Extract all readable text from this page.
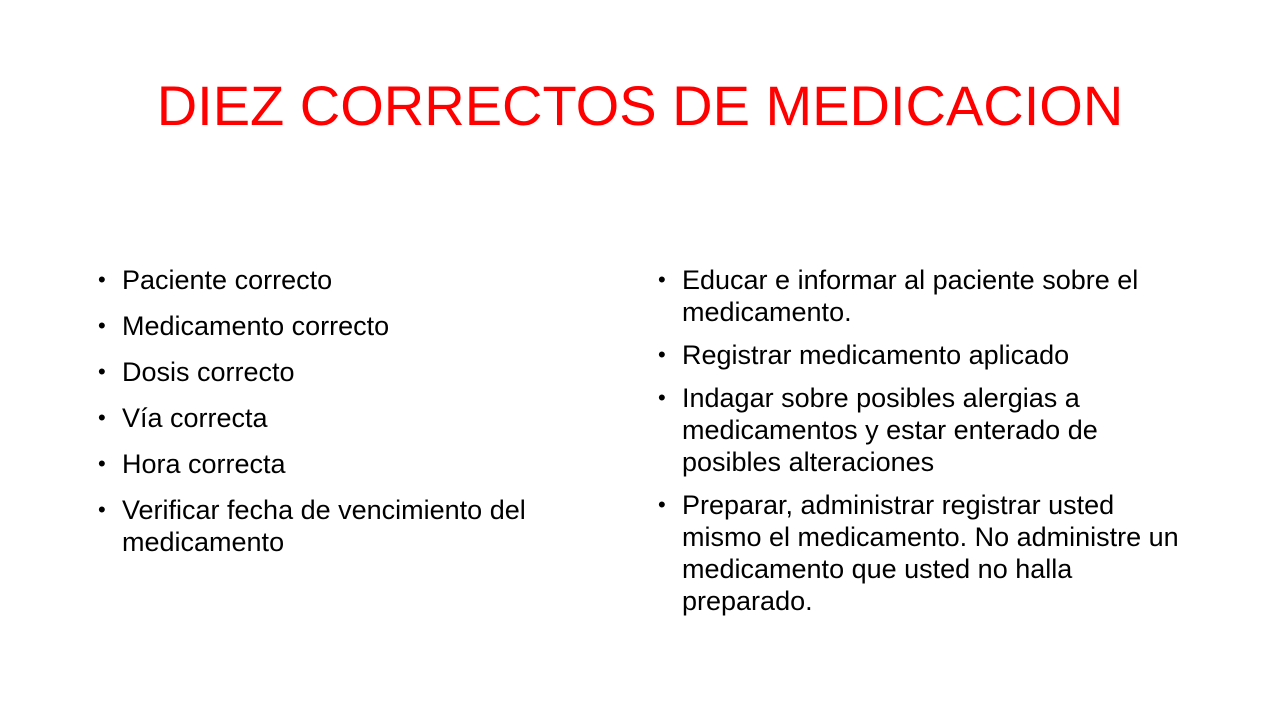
DIEZ CORRECTOS DE MEDICACION
• Paciente correcto
• Medicamento correcto
• Dosis correcto
• Vía correcta
• Hora correcta
• Verificar fecha de vencimiento del medicamento
• Educar e informar al paciente sobre el medicamento.
• Registrar medicamento aplicado
• Indagar sobre posibles alergias a medicamentos y estar enterado de posibles alteraciones
• Preparar, administrar registrar usted mismo el medicamento. No administre un medicamento que usted no halla preparado.
